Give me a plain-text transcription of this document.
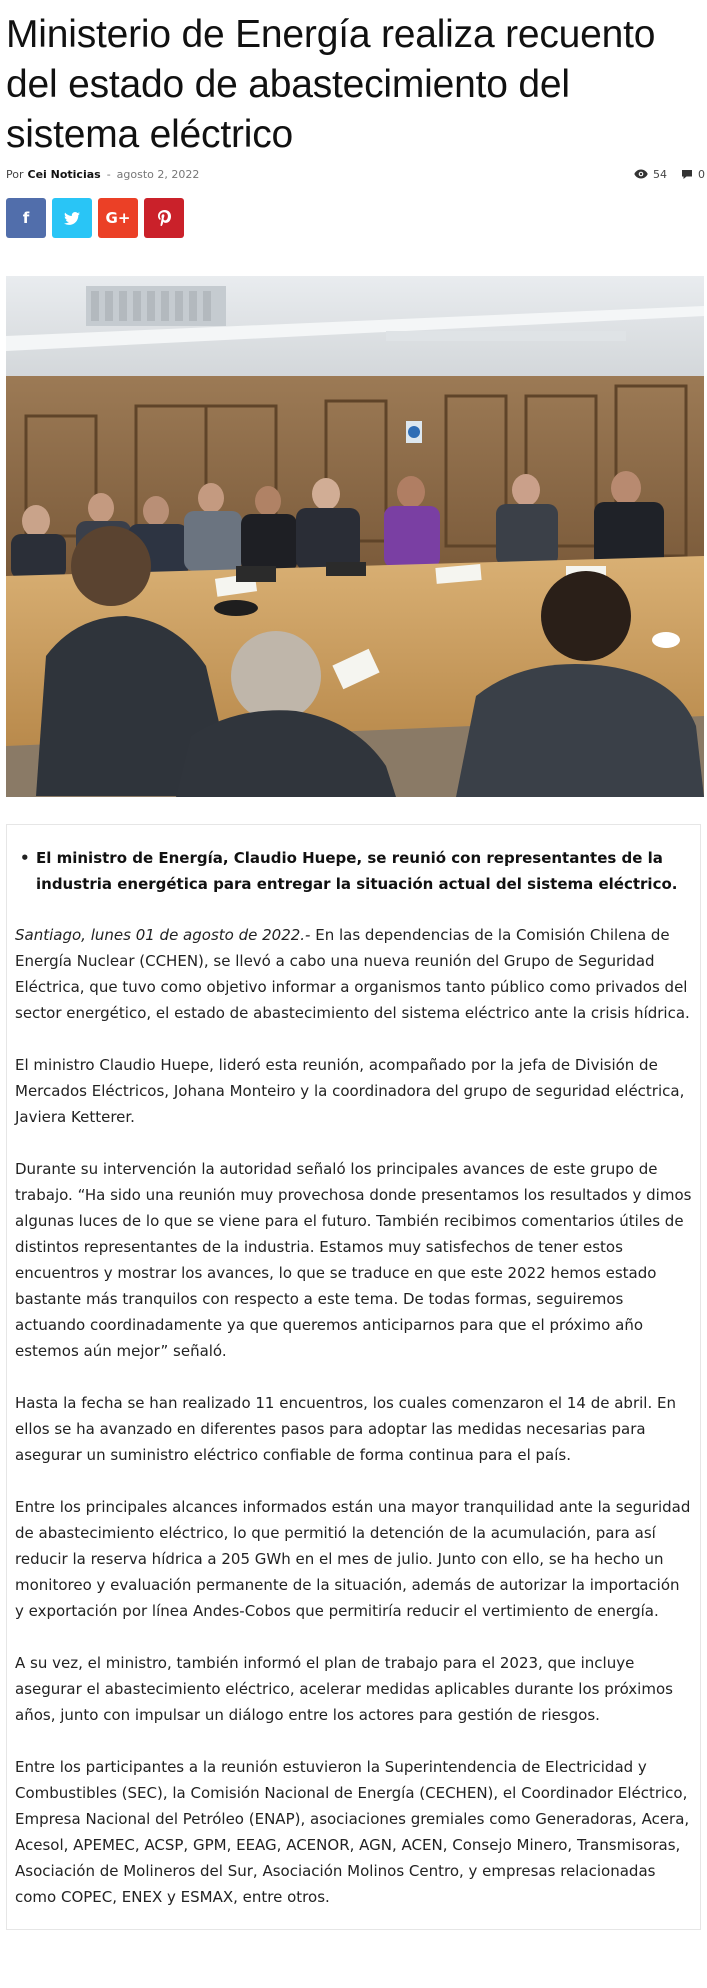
Ministerio de Energía realiza recuento del estado de abastecimiento del sistema eléctrico
Por Cei Noticias - agosto 2, 2022	54	0
f	G+
• El ministro de Energía, Claudio Huepe, se reunió con representantes de la industria energética para entregar la situación actual del sistema eléctrico.

Santiago, lunes 01 de agosto de 2022.- En las dependencias de la Comisión Chilena de Energía Nuclear (CCHEN), se llevó a cabo una nueva reunión del Grupo de Seguridad Eléctrica, que tuvo como objetivo informar a organismos tanto público como privados del sector energético, el estado de abastecimiento del sistema eléctrico ante la crisis hídrica.

El ministro Claudio Huepe, lideró esta reunión, acompañado por la jefa de División de Mercados Eléctricos, Johana Monteiro y la coordinadora del grupo de seguridad eléctrica, Javiera Ketterer.

Durante su intervención la autoridad señaló los principales avances de este grupo de trabajo. “Ha sido una reunión muy provechosa donde presentamos los resultados y dimos algunas luces de lo que se viene para el futuro. También recibimos comentarios útiles de distintos representantes de la industria. Estamos muy satisfechos de tener estos encuentros y mostrar los avances, lo que se traduce en que este 2022 hemos estado bastante más tranquilos con respecto a este tema. De todas formas, seguiremos actuando coordinadamente ya que queremos anticiparnos para que el próximo año estemos aún mejor” señaló.

Hasta la fecha se han realizado 11 encuentros, los cuales comenzaron el 14 de abril. En ellos se ha avanzado en diferentes pasos para adoptar las medidas necesarias para asegurar un suministro eléctrico confiable de forma continua para el país.

Entre los principales alcances informados están una mayor tranquilidad ante la seguridad de abastecimiento eléctrico, lo que permitió la detención de la acumulación, para así reducir la reserva hídrica a 205 GWh en el mes de julio. Junto con ello, se ha hecho un monitoreo y evaluación permanente de la situación, además de autorizar la importación y exportación por línea Andes-Cobos que permitiría reducir el vertimiento de energía.

A su vez, el ministro, también informó el plan de trabajo para el 2023, que incluye asegurar el abastecimiento eléctrico, acelerar medidas aplicables durante los próximos años, junto con impulsar un diálogo entre los actores para gestión de riesgos.

Entre los participantes a la reunión estuvieron la Superintendencia de Electricidad y Combustibles (SEC), la Comisión Nacional de Energía (CECHEN), el Coordinador Eléctrico, Empresa Nacional del Petróleo (ENAP), asociaciones gremiales como Generadoras, Acera, Acesol, APEMEC, ACSP, GPM, EEAG, ACENOR, AGN, ACEN, Consejo Minero, Transmisoras, Asociación de Molineros del Sur, Asociación Molinos Centro, y empresas relacionadas como COPEC, ENEX y ESMAX, entre otros.
